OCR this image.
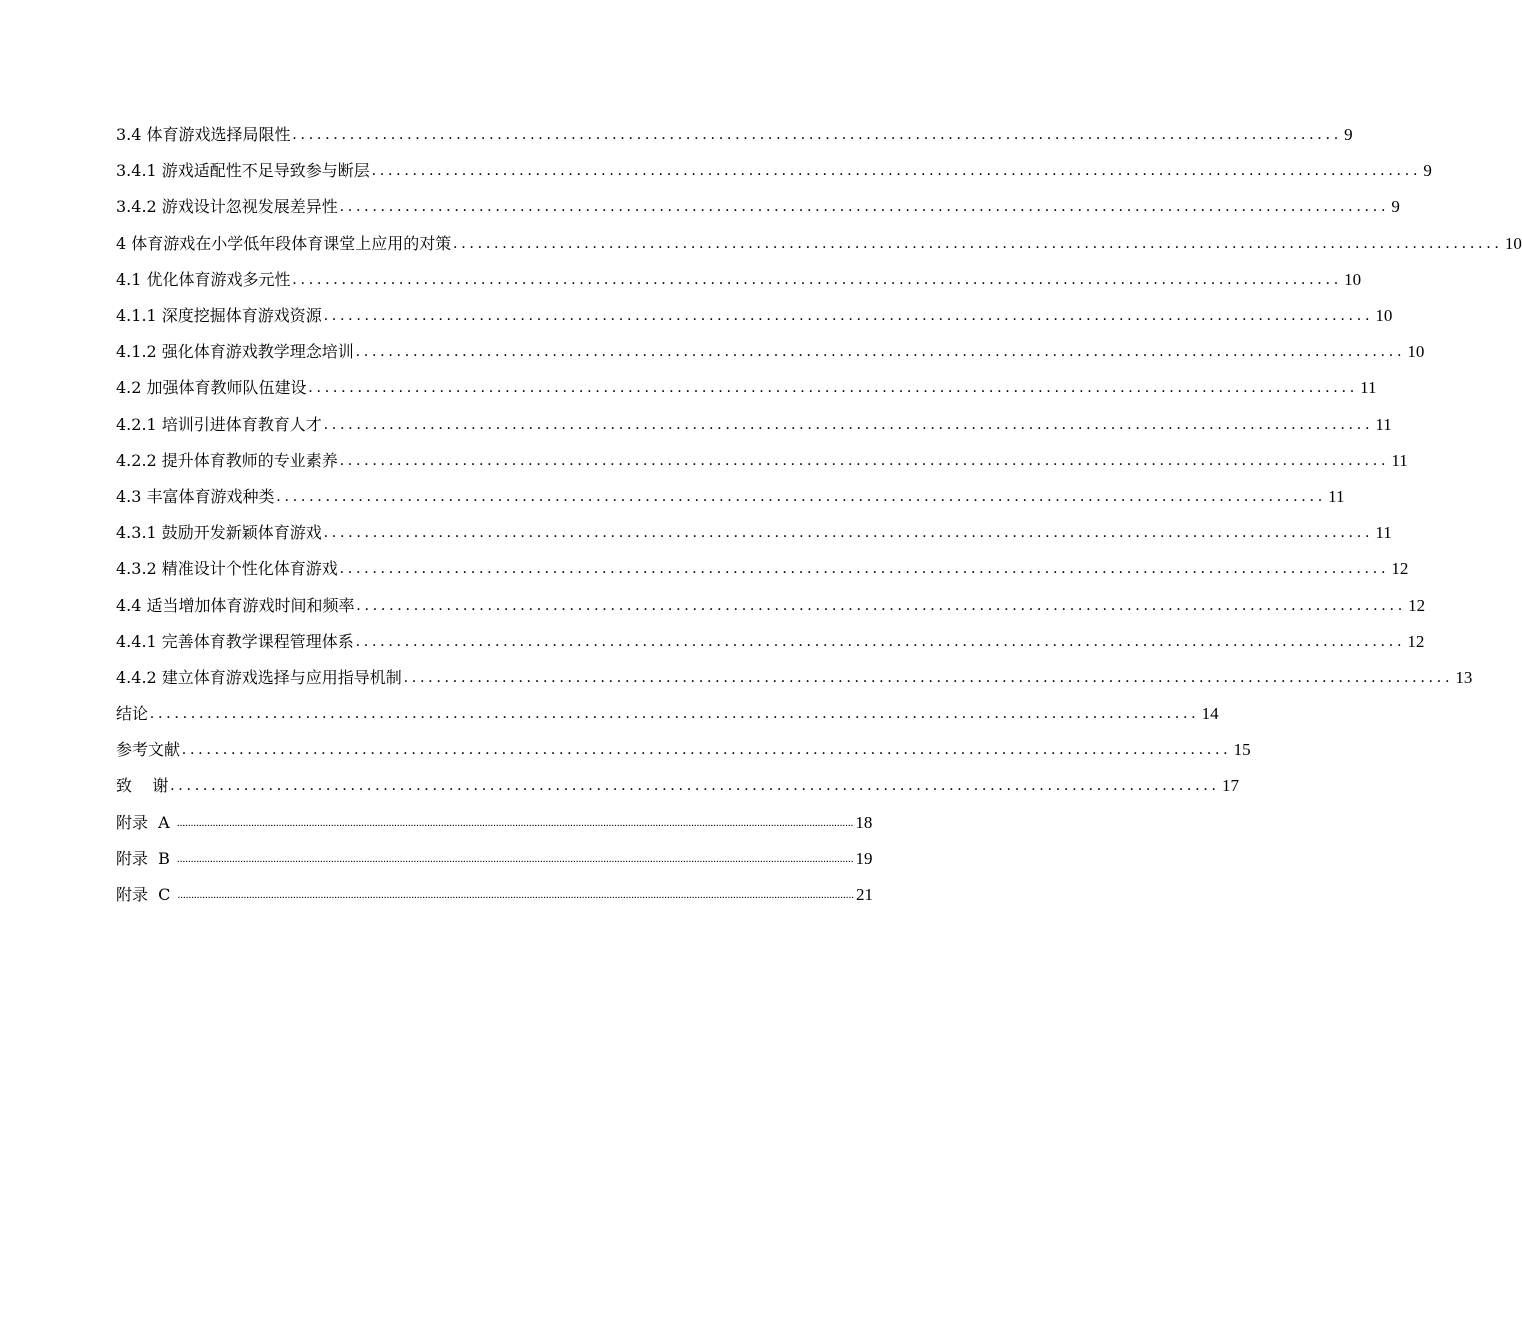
3.4 体育游戏选择局限性 ................................................................................................................................ 9
3.4.1 游戏适配性不足导致参与断层 ................................................................................................................................ 9
3.4.2 游戏设计忽视发展差异性 ................................................................................................................................ 9
4 体育游戏在小学低年段体育课堂上应用的对策 ................................................................................................................................ 10
4.1 优化体育游戏多元性 ................................................................................................................................ 10
4.1.1 深度挖掘体育游戏资源 ................................................................................................................................ 10
4.1.2 强化体育游戏教学理念培训 ................................................................................................................................ 10
4.2 加强体育教师队伍建设 ................................................................................................................................ 11
4.2.1 培训引进体育教育人才 ................................................................................................................................ 11
4.2.2 提升体育教师的专业素养 ................................................................................................................................ 11
4.3 丰富体育游戏种类 ................................................................................................................................ 11
4.3.1 鼓励开发新颖体育游戏 ................................................................................................................................ 11
4.3.2 精准设计个性化体育游戏 ................................................................................................................................ 12
4.4 适当增加体育游戏时间和频率 ................................................................................................................................ 12
4.4.1 完善体育教学课程管理体系 ................................................................................................................................ 12
4.4.2 建立体育游戏选择与应用指导机制 ................................................................................................................................ 13
结论 ................................................................................................................................ 14
参考文献 ................................................................................................................................ 15
致    谢 ................................................................................................................................ 17
附录  A ...................................................................................................................................................................................................................................................... 18
附录  B ...................................................................................................................................................................................................................................................... 19
附录  C ...................................................................................................................................................................................................................................................... 21
